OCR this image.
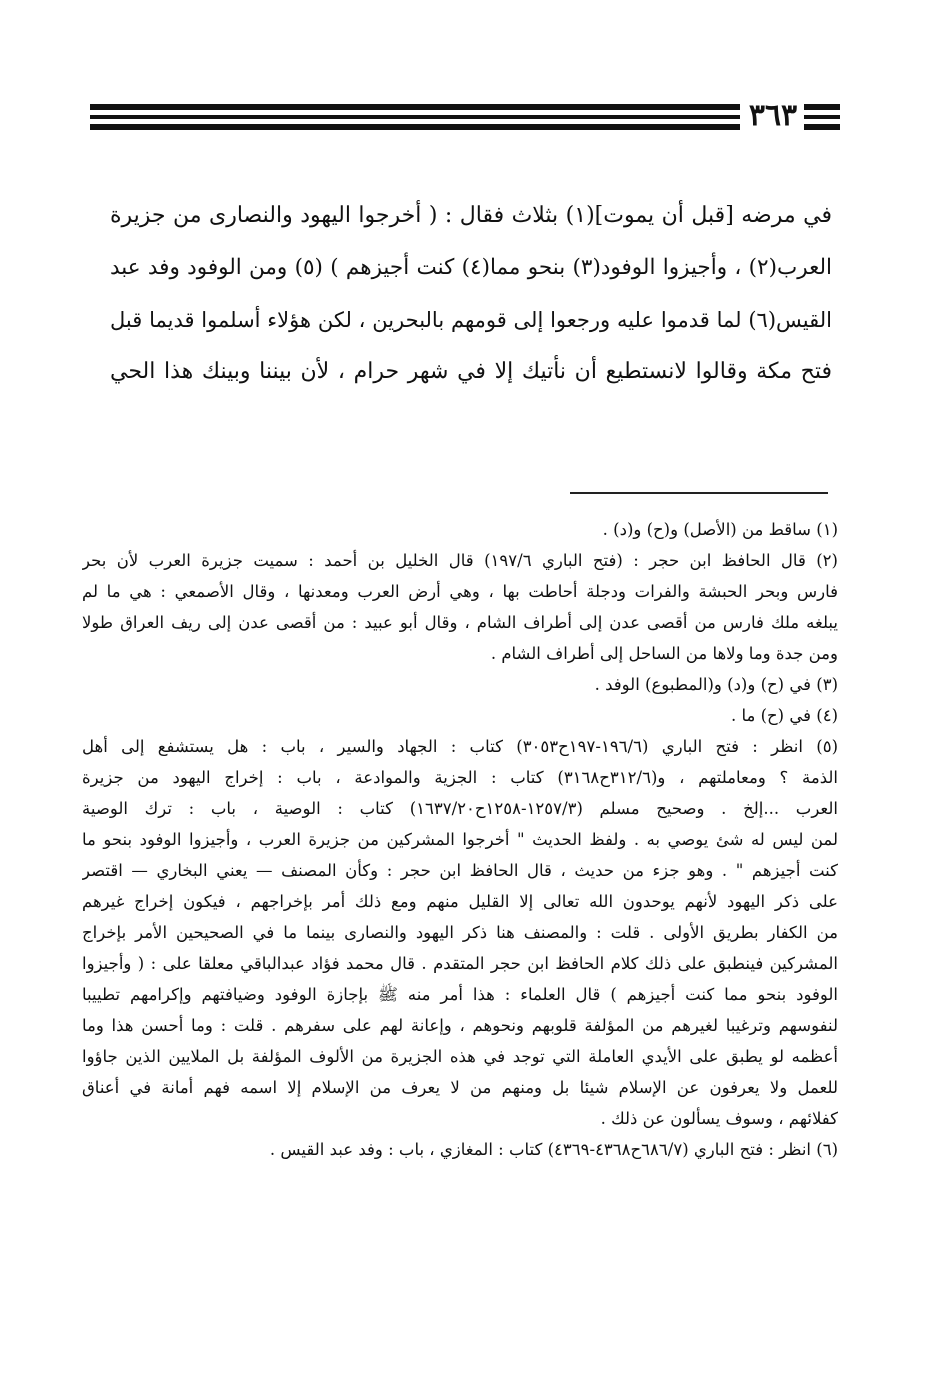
٣٦٣
في مرضه [قبل أن يموت](١) بثلاث فقال : ( أخرجوا اليهود والنصارى من جزيرة
العرب(٢) ، وأجيزوا الوفود(٣) بنحو مما(٤) كنت أجيزهم ) (٥) ومن الوفود وفد عبد
القيس(٦) لما قدموا عليه ورجعوا إلى قومهم بالبحرين ، لكن هؤلاء أسلموا قديما قبل
فتح مكة وقالوا لانستطيع أن نأتيك إلا في شهر حرام ، لأن بيننا وبينك هذا الحي
(١) ساقط من (الأصل) و(ح) و(د) .
(٢) قال الحافظ ابن حجر : (فتح الباري ١٩٧/٦) قال الخليل بن أحمد : سميت جزيرة العرب لأن بحر
فارس وبحر الحبشة والفرات ودجلة أحاطت بها ، وهي أرض العرب ومعدنها ، وقال الأصمعي : هي ما لم
يبلغه ملك فارس من أقصى عدن إلى أطراف الشام ، وقال أبو عبيد : من أقصى عدن إلى ريف العراق طولا
ومن جدة وما ولاها من الساحل إلى أطراف الشام .
(٣) في (ح) و(د) و(المطبوع) الوفد .
(٤) في (ح) ما .
(٥) انظر : فتح الباري (١٩٦/٦-١٩٧ح٣٠٥٣) كتاب : الجهاد والسير ، باب : هل يستشفع إلى أهل
الذمة ؟ ومعاملتهم ، و(٣١٢/٦ح٣١٦٨) كتاب : الجزية والموادعة ، باب : إخراج اليهود من جزيرة
العرب ...إلخ . وصحيح مسلم (١٢٥٧/٣-١٢٥٨ح١٦٣٧/٢٠) كتاب : الوصية ، باب : ترك الوصية
لمن ليس له شئ يوصي به . ولفظ الحديث " أخرجوا المشركين من جزيرة العرب ، وأجيزوا الوفود بنحو ما
كنت أجيزهم " . وهو جزء من حديث ، قال الحافظ ابن حجر : وكأن المصنف — يعني البخاري — اقتصر
على ذكر اليهود لأنهم يوحدون الله تعالى إلا القليل منهم ومع ذلك أمر بإخراجهم ، فيكون إخراج غيرهم
من الكفار بطريق الأولى . قلت : والمصنف هنا ذكر اليهود والنصارى بينما ما في الصحيحين الأمر بإخراج
المشركين فينطبق على ذلك كلام الحافظ ابن حجر المتقدم . قال محمد فؤاد عبدالباقي معلقا على : ( وأجيزوا
الوفود بنحو مما كنت أجيزهم ) قال العلماء : هذا أمر منه ﷺ بإجازة الوفود وضيافتهم وإكرامهم تطييبا
لنفوسهم وترغيبا لغيرهم من المؤلفة قلوبهم ونحوهم ، وإعانة لهم على سفرهم . قلت : وما أحسن هذا وما
أعظمه لو يطبق على الأيدي العاملة التي توجد في هذه الجزيرة من الألوف المؤلفة بل الملايين الذين جاؤوا
للعمل ولا يعرفون عن الإسلام شيئا بل ومنهم من لا يعرف من الإسلام إلا اسمه فهم أمانة في أعناق
كفلائهم ، وسوف يسألون عن ذلك .
(٦) انظر : فتح الباري (٦٨٦/٧ح٤٣٦٨-٤٣٦٩) كتاب : المغازي ، باب : وفد عبد القيس .
